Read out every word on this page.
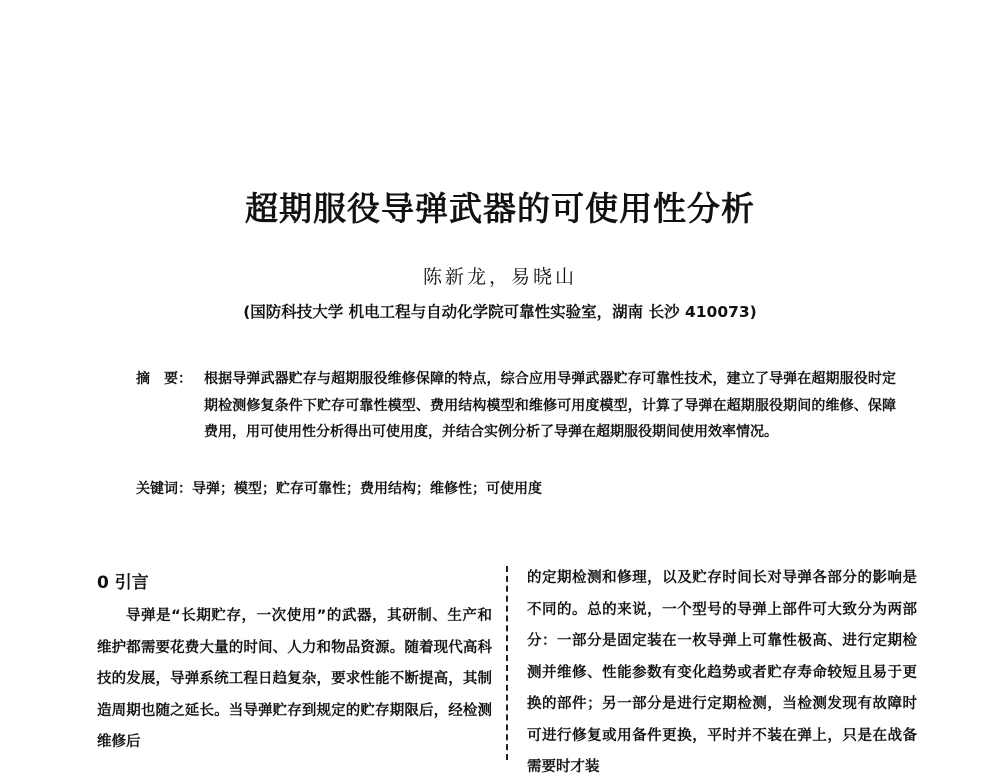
超期服役导弹武器的可使用性分析
陈新龙，易晓山
(国防科技大学 机电工程与自动化学院可靠性实验室，湖南 长沙 410073)
摘　要： 根据导弹武器贮存与超期服役维修保障的特点，综合应用导弹武器贮存可靠性技术，建立了导弹在超期服役时定期检测修复条件下贮存可靠性模型、费用结构模型和维修可用度模型，计算了导弹在超期服役期间的维修、保障费用，用可使用性分析得出可使用度，并结合实例分析了导弹在超期服役期间使用效率情况。
关键词：导弹；模型；贮存可靠性；费用结构；维修性；可使用度
0 引言
导弹是“长期贮存，一次使用”的武器，其研制、生产和维护都需要花费大量的时间、人力和物品资源。随着现代高科技的发展，导弹系统工程日趋复杂，要求性能不断提高，其制造周期也随之延长。当导弹贮存到规定的贮存期限后，经检测维修后
的定期检测和修理，以及贮存时间长对导弹各部分的影响是不同的。总的来说，一个型号的导弹上部件可大致分为两部分：一部分是固定装在一枚导弹上可靠性极高、进行定期检测并维修、性能参数有变化趋势或者贮存寿命较短且易于更换的部件；另一部分是进行定期检测，当检测发现有故障时可进行修复或用备件更换，平时并不装在弹上，只是在战备需要时才装
